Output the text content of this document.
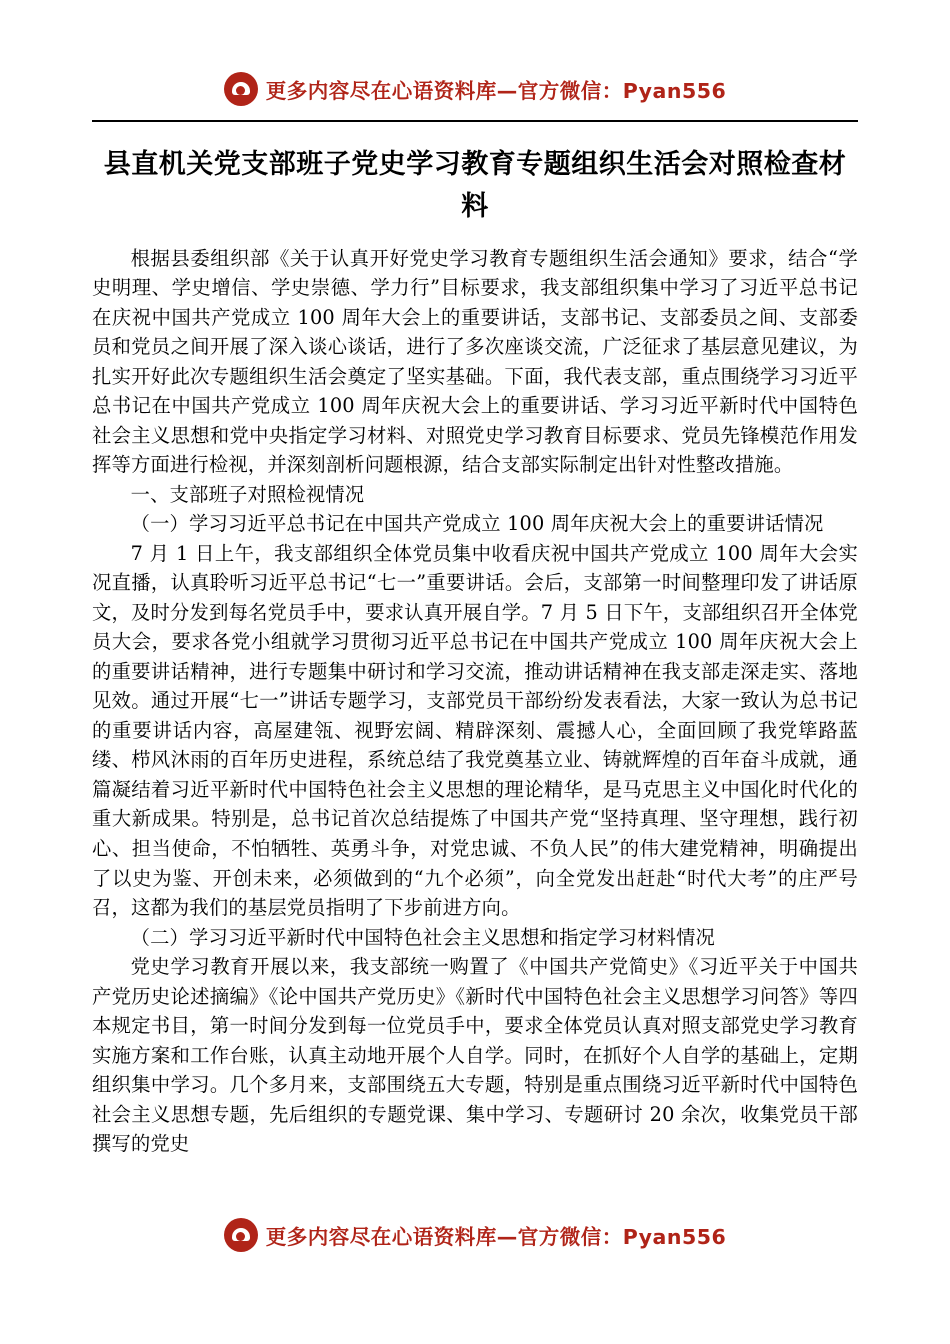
更多内容尽在心语资料库—官方微信：Pyan556
县直机关党支部班子党史学习教育专题组织生活会对照检查材料

根据县委组织部《关于认真开好党史学习教育专题组织生活会通知》要求，结合“学史明理、学史增信、学史崇德、学力行”目标要求，我支部组织集中学习了习近平总书记在庆祝中国共产党成立 100 周年大会上的重要讲话，支部书记、支部委员之间、支部委员和党员之间开展了深入谈心谈话，进行了多次座谈交流，广泛征求了基层意见建议，为扎实开好此次专题组织生活会奠定了坚实基础。下面，我代表支部，重点围绕学习习近平总书记在中国共产党成立 100 周年庆祝大会上的重要讲话、学习习近平新时代中国特色社会主义思想和党中央指定学习材料、对照党史学习教育目标要求、党员先锋模范作用发挥等方面进行检视，并深刻剖析问题根源，结合支部实际制定出针对性整改措施。

一、支部班子对照检视情况

（一）学习习近平总书记在中国共产党成立 100 周年庆祝大会上的重要讲话情况

7 月 1 日上午，我支部组织全体党员集中收看庆祝中国共产党成立 100 周年大会实况直播，认真聆听习近平总书记“七一”重要讲话。会后，支部第一时间整理印发了讲话原文，及时分发到每名党员手中，要求认真开展自学。7 月 5 日下午，支部组织召开全体党员大会，要求各党小组就学习贯彻习近平总书记在中国共产党成立 100 周年庆祝大会上的重要讲话精神，进行专题集中研讨和学习交流，推动讲话精神在我支部走深走实、落地见效。通过开展“七一”讲话专题学习，支部党员干部纷纷发表看法，大家一致认为总书记的重要讲话内容，高屋建瓴、视野宏阔、精辟深刻、震撼人心，全面回顾了我党筚路蓝缕、栉风沐雨的百年历史进程，系统总结了我党奠基立业、铸就辉煌的百年奋斗成就，通篇凝结着习近平新时代中国特色社会主义思想的理论精华，是马克思主义中国化时代化的重大新成果。特别是，总书记首次总结提炼了中国共产党“坚持真理、坚守理想，践行初心、担当使命，不怕牺牲、英勇斗争，对党忠诚、不负人民”的伟大建党精神，明确提出了以史为鉴、开创未来，必须做到的“九个必须”，向全党发出赶赴“时代大考”的庄严号召，这都为我们的基层党员指明了下步前进方向。

（二）学习习近平新时代中国特色社会主义思想和指定学习材料情况

党史学习教育开展以来，我支部统一购置了《中国共产党简史》《习近平关于中国共产党历史论述摘编》《论中国共产党历史》《新时代中国特色社会主义思想学习问答》等四本规定书目，第一时间分发到每一位党员手中，要求全体党员认真对照支部党史学习教育实施方案和工作台账，认真主动地开展个人自学。同时，在抓好个人自学的基础上，定期组织集中学习。几个多月来，支部围绕五大专题，特别是重点围绕习近平新时代中国特色社会主义思想专题，先后组织的专题党课、集中学习、专题研讨 20 余次，收集党员干部撰写的党史

更多内容尽在心语资料库—官方微信：Pyan556
